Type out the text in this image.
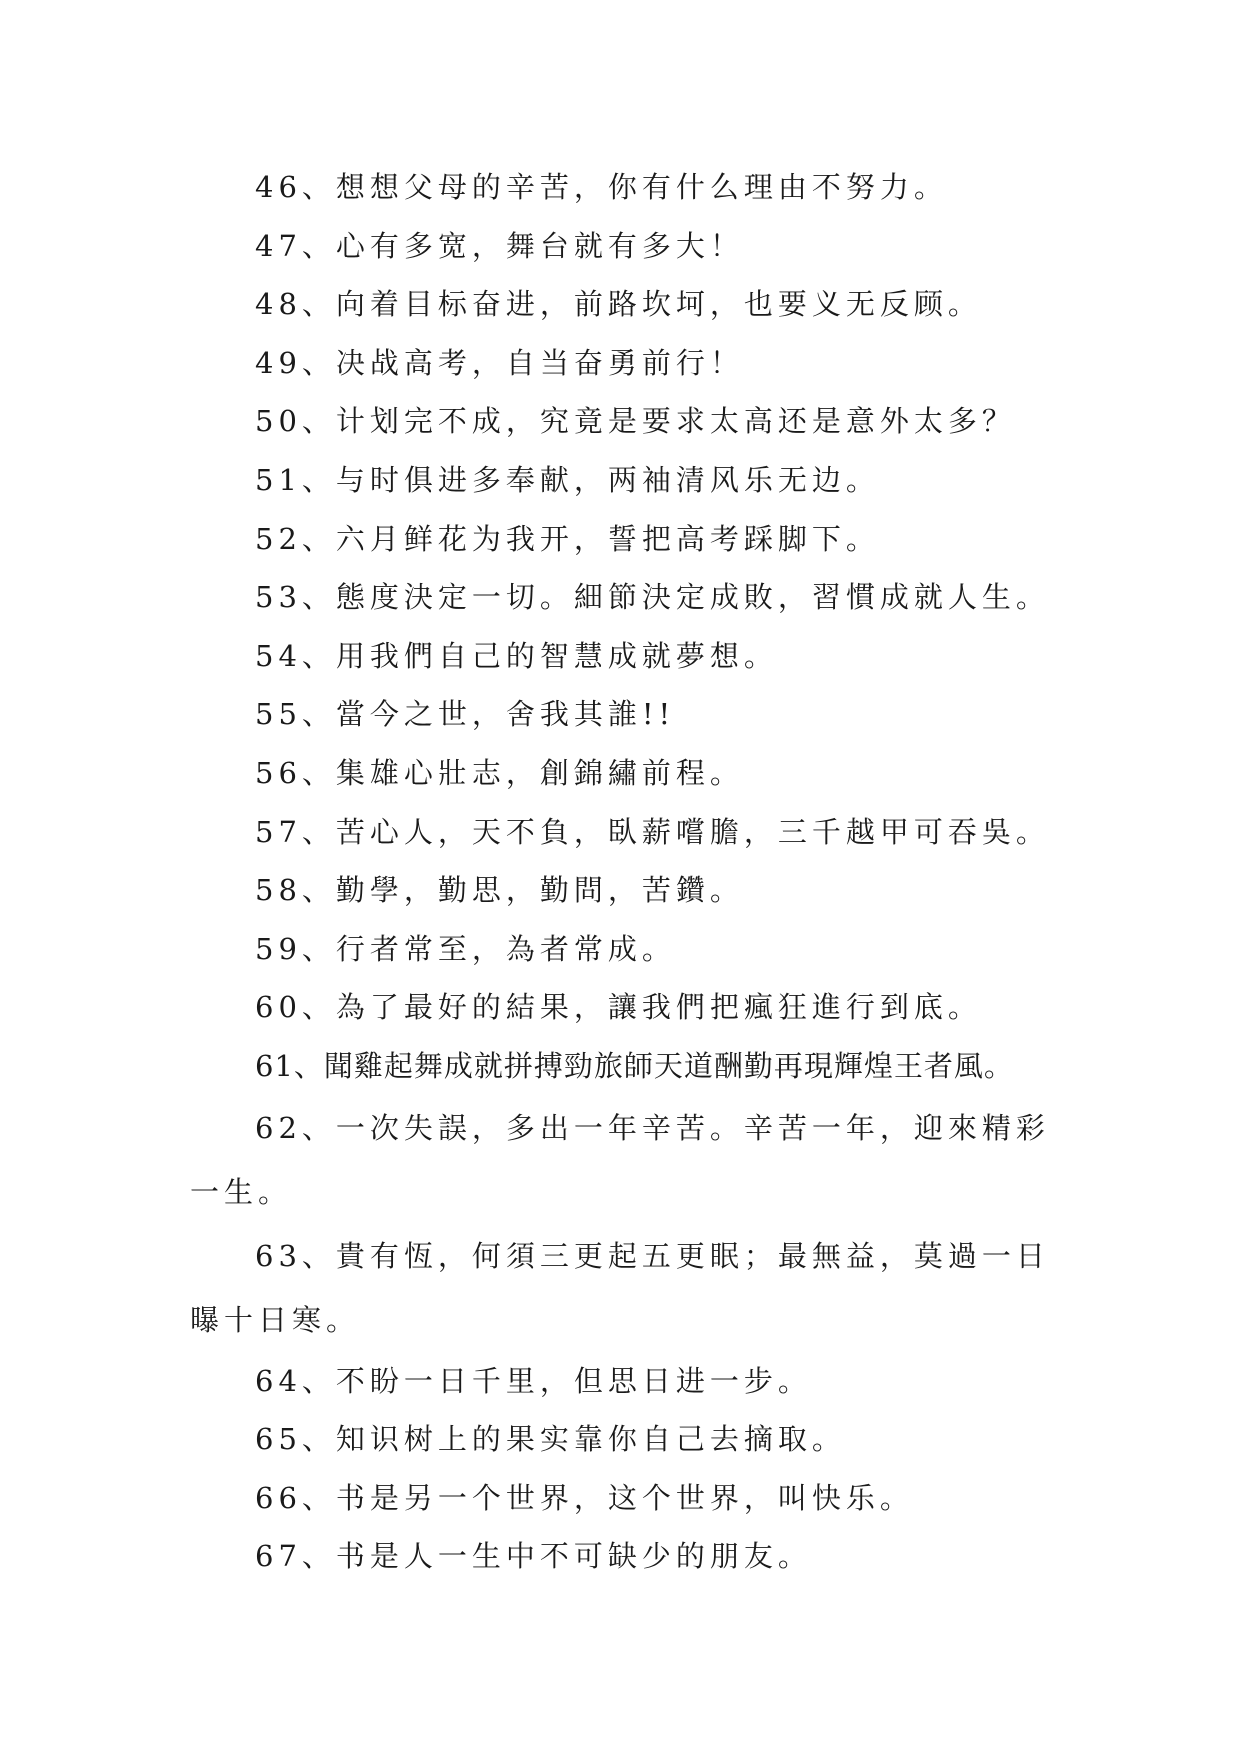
46、想想父母的辛苦，你有什么理由不努力。

47、心有多宽，舞台就有多大！

48、向着目标奋进，前路坎坷，也要义无反顾。

49、决战高考，自当奋勇前行！

50、计划完不成，究竟是要求太高还是意外太多？

51、与时俱进多奉献，两袖清风乐无边。

52、六月鲜花为我开，誓把高考踩脚下。

53、態度決定一切。細節決定成敗，習慣成就人生。

54、用我們自己的智慧成就夢想。

55、當今之世，舍我其誰!!

56、集雄心壯志，創錦繡前程。

57、苦心人，天不負，臥薪嚐膽，三千越甲可吞吳。

58、勤學，勤思，勤問，苦鑽。

59、行者常至，為者常成。

60、為了最好的結果，讓我們把瘋狂進行到底。

61、聞雞起舞成就拼搏勁旅師天道酬勤再現輝煌王者風。

62、一次失誤，多出一年辛苦。辛苦一年，迎來精彩一生。

63、貴有恆，何須三更起五更眠；最無益，莫過一日曝十日寒。

64、不盼一日千里，但思日进一步。

65、知识树上的果实靠你自己去摘取。

66、书是另一个世界，这个世界，叫快乐。

67、书是人一生中不可缺少的朋友。
